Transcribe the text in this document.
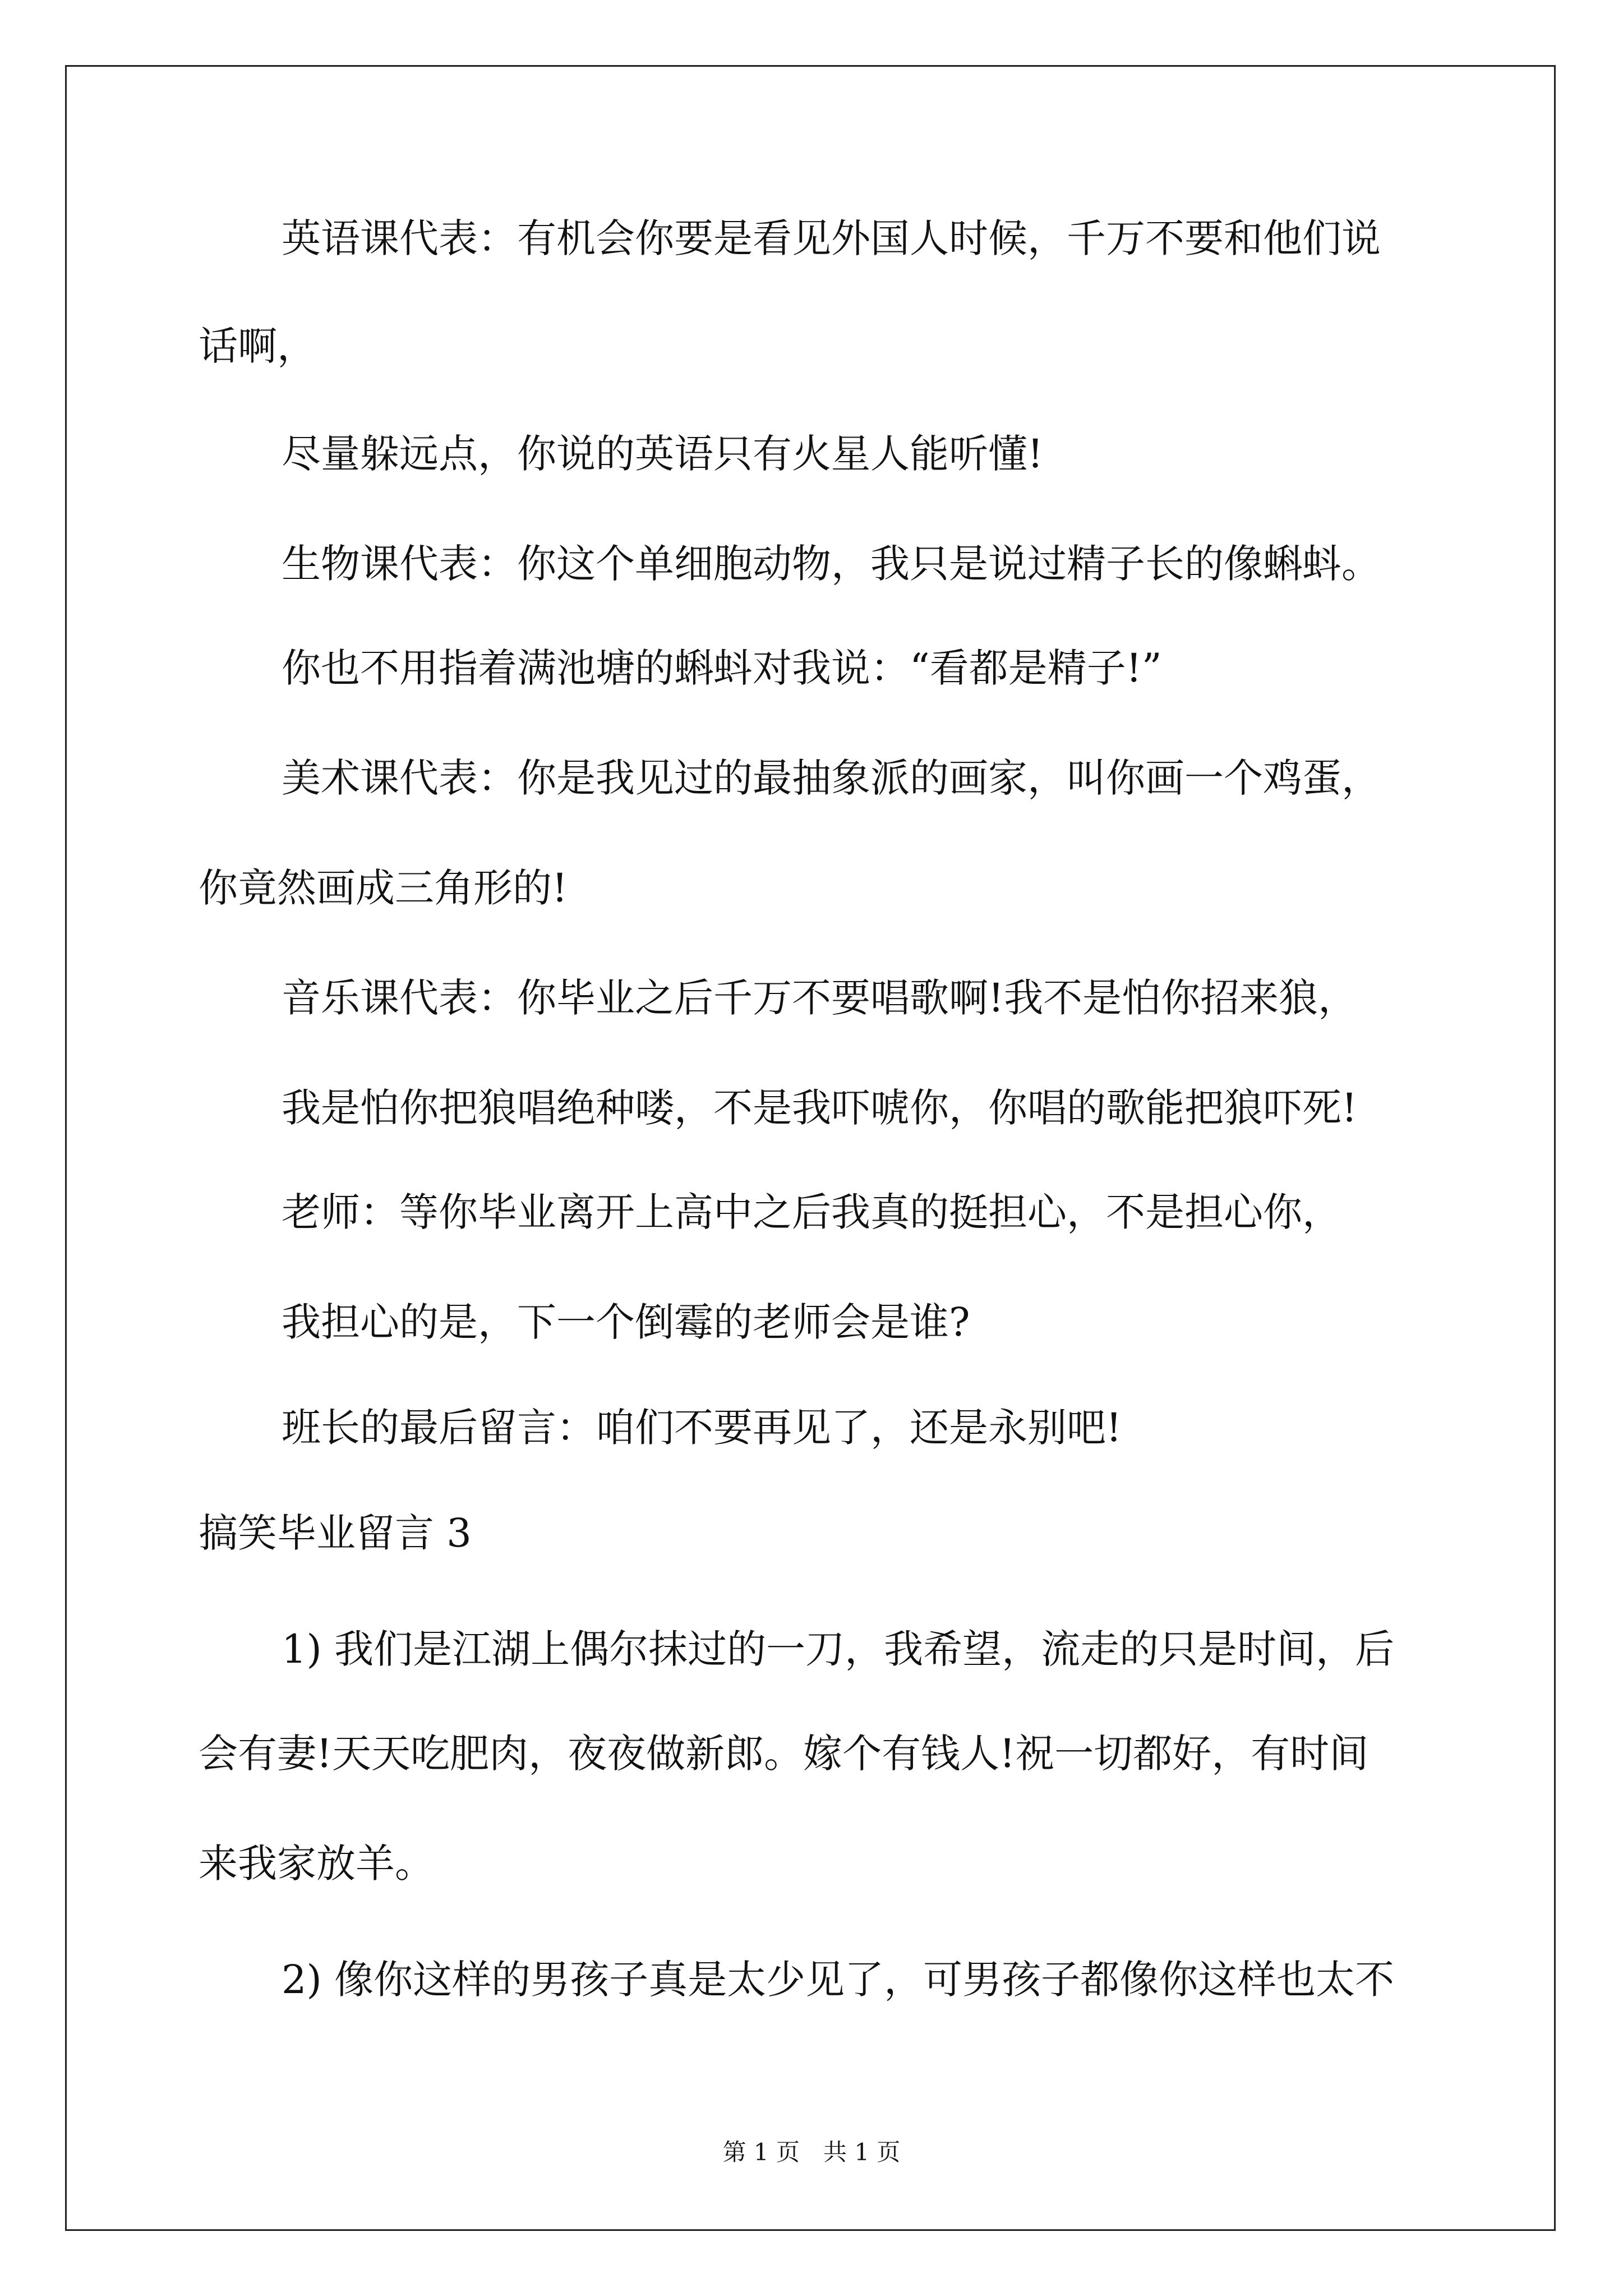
英语课代表：有机会你要是看见外国人时候，千万不要和他们说
话啊，
尽量躲远点，你说的英语只有火星人能听懂!
生物课代表：你这个单细胞动物，我只是说过精子长的像蝌蚪。
你也不用指着满池塘的蝌蚪对我说：“看都是精子!”
美术课代表：你是我见过的最抽象派的画家，叫你画一个鸡蛋，
你竟然画成三角形的!
音乐课代表：你毕业之后千万不要唱歌啊!我不是怕你招来狼，
我是怕你把狼唱绝种喽，不是我吓唬你，你唱的歌能把狼吓死!
老师：等你毕业离开上高中之后我真的挺担心，不是担心你，
我担心的是，下一个倒霉的老师会是谁?
班长的最后留言：咱们不要再见了，还是永别吧!
搞笑毕业留言 3
1) 我们是江湖上偶尔抹过的一刀，我希望，流走的只是时间，后
会有妻!天天吃肥肉，夜夜做新郎。嫁个有钱人!祝一切都好，有时间
来我家放羊。
2) 像你这样的男孩子真是太少见了，可男孩子都像你这样也太不
第 1 页　共 1 页
